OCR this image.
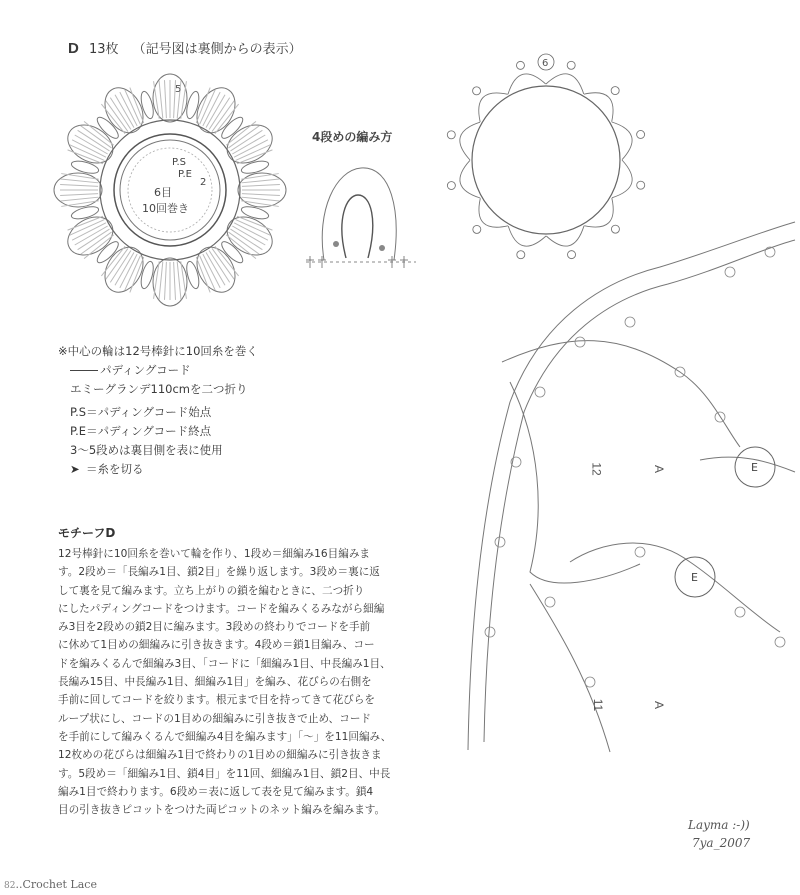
D 13枚 （記号図は裏側からの表示）
5
P.S
P.E
2
6目
10回巻き
4段めの編み方
6
E
E
A
12
A
11
※中心の輪は12号棒針に10回糸を巻く
パディングコード
エミーグランデ110cmを二つ折り
P.S＝パディングコード始点
P.E＝パディングコード終点
3〜5段めは裏目側を表に使用
➤ ＝糸を切る
モチーフD
12号棒針に10回糸を巻いて輪を作り、1段め＝細編み16目編みま
す。2段め＝「長編み1目、鎖2目」を繰り返します。3段め＝裏に返
して裏を見て編みます。立ち上がりの鎖を編むときに、二つ折り
にしたパディングコードをつけます。コードを編みくるみながら細編
み3目を2段めの鎖2目に編みます。3段めの終わりでコードを手前
に休めて1目めの細編みに引き抜きます。4段め＝鎖1目編み、コー
ドを編みくるんで細編み3目、「コードに「細編み1目、中長編み1目、
長編み15目、中長編み1目、細編み1目」を編み、花びらの右側を
手前に回してコードを絞ります。根元まで目を持ってきて花びらを
ループ状にし、コードの1目めの細編みに引き抜きで止め、コード
を手前にして編みくるんで細編み4目を編みます」「〜」を11回編み、
12枚めの花びらは細編み1目で終わりの1目めの細編みに引き抜きま
す。5段め＝「細編み1目、鎖4目」を11回、細編み1目、鎖2目、中長
編み1目で終わります。6段め＝表に返して表を見て編みます。鎖4
目の引き抜きピコットをつけた両ピコットのネット編みを編みます。
Layma :-))
7ya_2007
82..Crochet Lace
